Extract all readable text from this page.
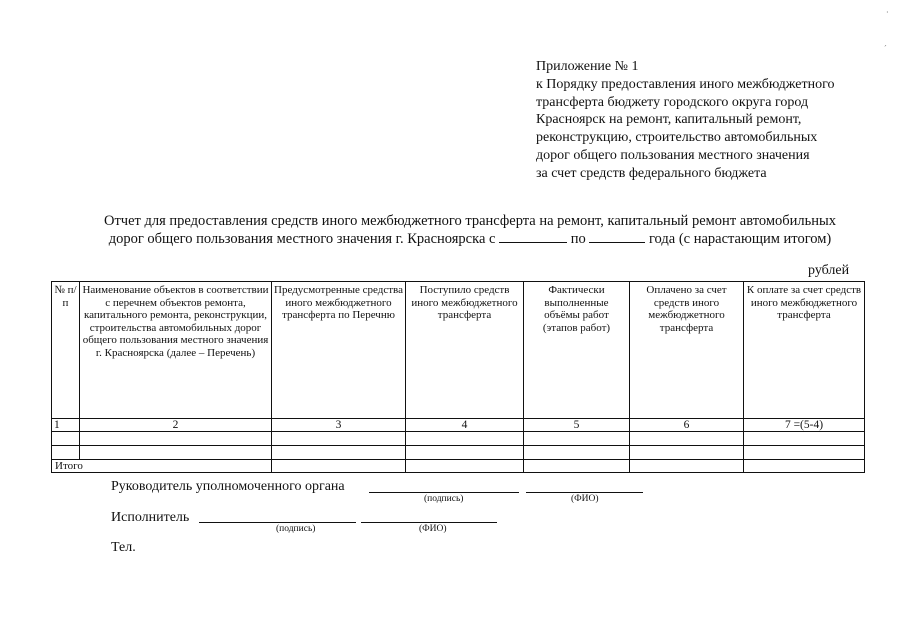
·
ˊ
Приложение № 1
к Порядку предоставления иного межбюджетного
трансферта бюджету городского округа город
Красноярск на ремонт, капитальный ремонт,
реконструкцию, строительство автомобильных
дорог общего пользования местного значения
за счет средств федерального бюджета
Отчет для предоставления средств иного межбюджетного трансферта на ремонт, капитальный ремонт автомобильных
дорог общего пользования местного значения г. Красноярска с	по	года (с нарастающим итогом)
рублей
№ п/п	Наименование объектов в соответствии с перечнем объектов ремонта, капитального ремонта, реконструкции, строительства автомобильных дорог общего пользования местного значения г. Красноярска (далее – Перечень)	Предусмотренные средства иного межбюджетного трансферта по Перечню	Поступило средств иного межбюджетного трансферта	Фактически выполненные объёмы работ (этапов работ)	Оплачено за счет средств иного межбюджетного трансферта	К оплате за счет средств иного межбюджетного трансферта
1	2	3	4	5	6	7 =(5-4)

Итого						
Руководитель уполномоченного органа
(подпись)	(ФИО)
Исполнитель
(подпись)	(ФИО)
Тел.
